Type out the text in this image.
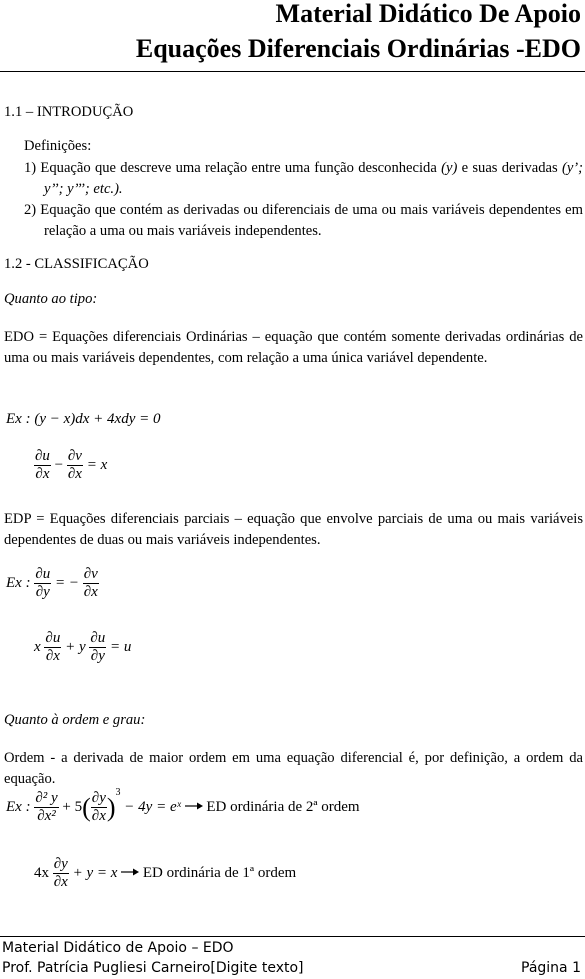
Material Didático De Apoio
Equações Diferenciais Ordinárias -EDO
1.1 – INTRODUÇÃO
Definições:
1) Equação que descreve uma relação entre uma função desconhecida (y) e suas derivadas (y’; y’’; y’’’; etc.).
2) Equação que contém as derivadas ou diferenciais de uma ou mais variáveis dependentes em relação a uma ou mais variáveis independentes.
1.2 - CLASSIFICAÇÃO
Quanto ao tipo:
EDO = Equações diferenciais Ordinárias – equação que contém somente derivadas ordinárias de uma ou mais variáveis dependentes, com relação a uma única variável dependente.
Ex : (y − x)dx + 4xdy = 0
$\frac{\partial u}{\partial x} - \frac{\partial v}{\partial x} = x$
EDP = Equações diferenciais parciais – equação que envolve parciais de uma ou mais variáveis dependentes de duas ou mais variáveis independentes.
Ex : $\frac{\partial u}{\partial y}$ = − $\frac{\partial v}{\partial x}$
x $\frac{\partial u}{\partial x} + y \frac{\partial u}{\partial y} = u$
Quanto à ordem e grau:
Ordem - a derivada de maior ordem em uma equação diferencial é, por definição, a ordem da equação.
Ex : $\frac{\text{∂² y}}{\text{∂x²}} + 5( \frac{\partial y}{\partial x} )^3 - 4y$ = eˣ ED ordinária de 2ª ordem
$4x \frac{\partial y}{\partial x} + y = x$ ED ordinária de 1ª ordem
Material Didático de Apoio – EDO
Prof. Patrícia Pugliesi Carneiro[Digite texto]	Página 1
